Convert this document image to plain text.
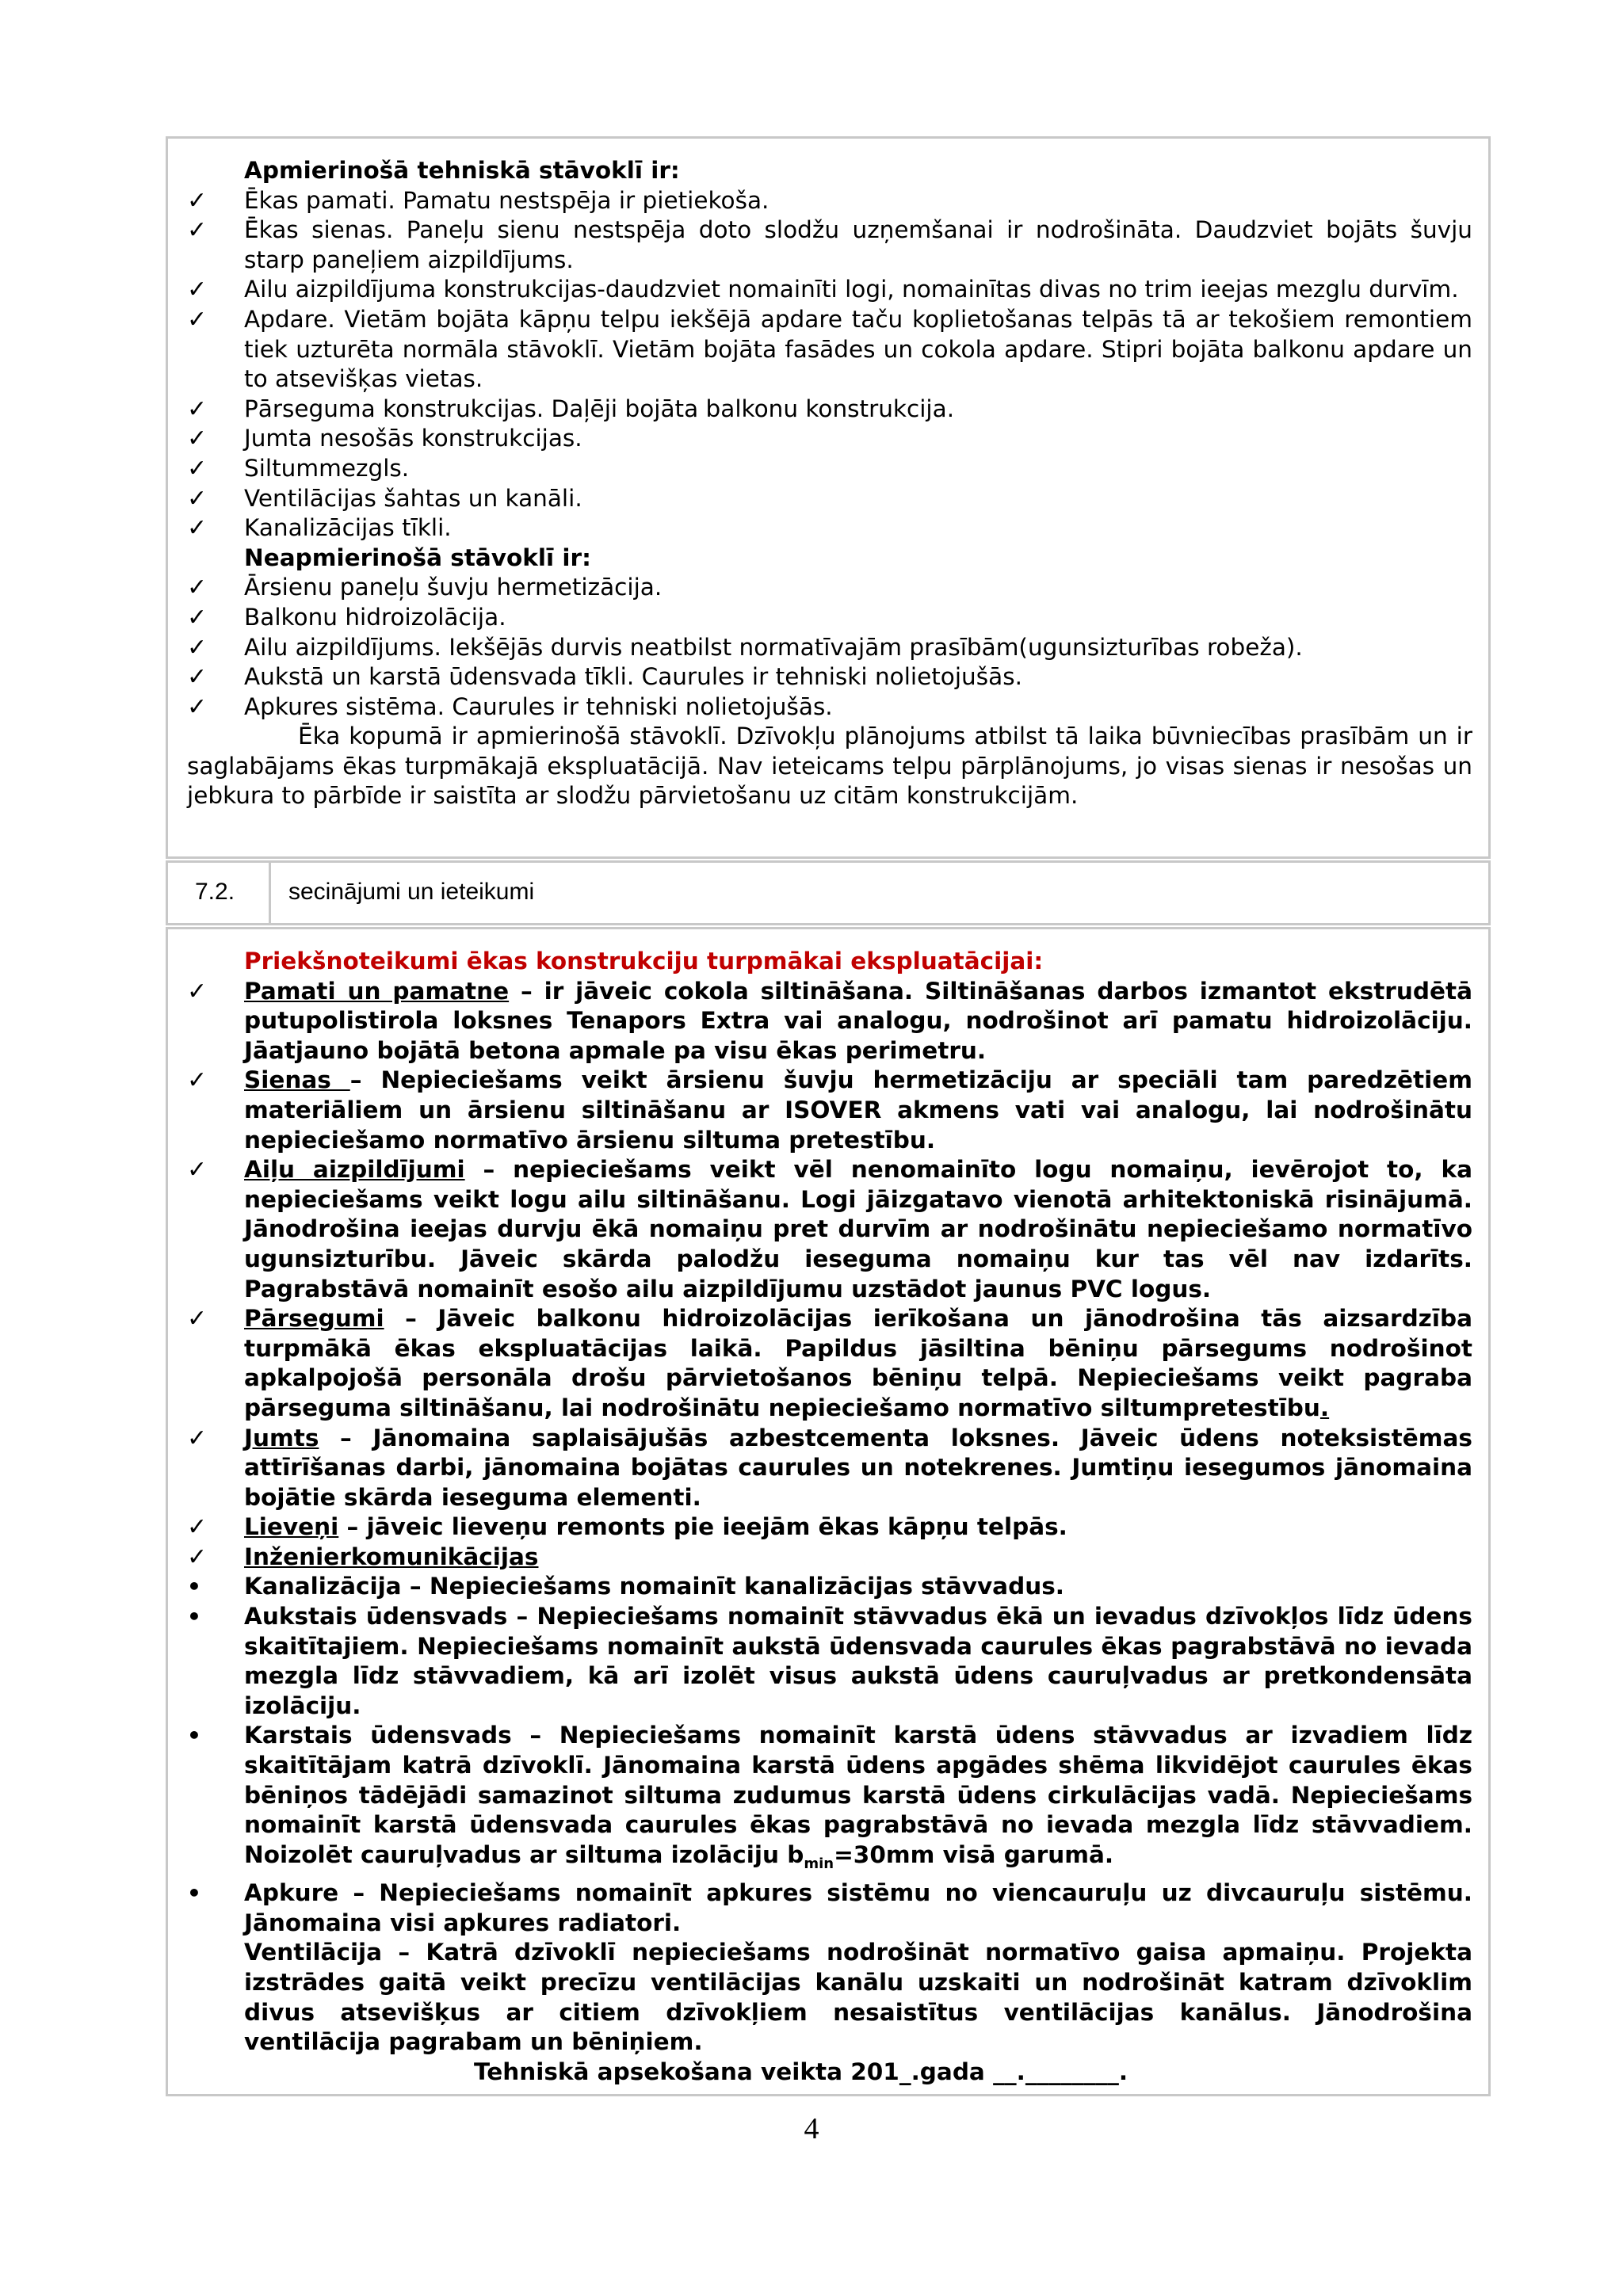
Apmierinošā tehniskā stāvoklī ir:
✓	Ēkas pamati. Pamatu nestspēja ir pietiekoša.
✓	Ēkas sienas. Paneļu sienu nestspēja doto slodžu uzņemšanai ir nodrošināta. Daudzviet bojāts šuvju starp paneļiem aizpildījums.
✓	Ailu aizpildījuma konstrukcijas-daudzviet nomainīti logi, nomainītas divas no trim ieejas mezglu durvīm.
✓	Apdare. Vietām bojāta kāpņu telpu iekšējā apdare taču koplietošanas telpās tā ar tekošiem remontiem tiek uzturēta normāla stāvoklī. Vietām bojāta fasādes un cokola apdare. Stipri bojāta balkonu apdare un to atsevišķas vietas.
✓	Pārseguma konstrukcijas. Daļēji bojāta balkonu konstrukcija.
✓	Jumta nesošās konstrukcijas.
✓	Siltummezgls.
✓	Ventilācijas šahtas un kanāli.
✓	Kanalizācijas tīkli.
Neapmierinošā stāvoklī ir:
✓	Ārsienu paneļu šuvju hermetizācija.
✓	Balkonu hidroizolācija.
✓	Ailu aizpildījums. Iekšējās durvis neatbilst normatīvajām prasībām(ugunsizturības robeža).
✓	Aukstā un karstā ūdensvada tīkli. Caurules ir tehniski nolietojušās.
✓	Apkures sistēma. Caurules ir tehniski nolietojušās.
Ēka kopumā ir apmierinošā stāvoklī. Dzīvokļu plānojums atbilst tā laika būvniecības prasībām un ir saglabājams ēkas turpmākajā ekspluatācijā. Nav ieteicams telpu pārplānojums, jo visas sienas ir nesošas un jebkura to pārbīde ir saistīta ar slodžu pārvietošanu uz citām konstrukcijām.
7.2. secinājumi un ieteikumi
Priekšnoteikumi ēkas konstrukciju turpmākai ekspluatācijai:
✓	Pamati un pamatne – ir jāveic cokola siltināšana. Siltināšanas darbos izmantot ekstrudētā putupolistirola loksnes Tenapors Extra vai analogu, nodrošinot arī pamatu hidroizolāciju. Jāatjauno bojātā betona apmale pa visu ēkas perimetru.
✓	Sienas – Nepieciešams veikt ārsienu šuvju hermetizāciju ar speciāli tam paredzētiem materiāliem un ārsienu siltināšanu ar ISOVER akmens vati vai analogu, lai nodrošinātu nepieciešamo normatīvo ārsienu siltuma pretestību.
✓	Aiļu aizpildījumi – nepieciešams veikt vēl nenomainīto logu nomaiņu, ievērojot to, ka nepieciešams veikt logu ailu siltināšanu. Logi jāizgatavo vienotā arhitektoniskā risinājumā. Jānodrošina ieejas durvju ēkā nomaiņu pret durvīm ar nodrošinātu nepieciešamo normatīvo ugunsizturību. Jāveic skārda palodžu ieseguma nomaiņu kur tas vēl nav izdarīts. Pagrabstāvā nomainīt esošo ailu aizpildījumu uzstādot jaunus PVC logus.
✓	Pārsegumi – Jāveic balkonu hidroizolācijas ierīkošana un jānodrošina tās aizsardzība turpmākā ēkas ekspluatācijas laikā. Papildus jāsiltina bēniņu pārsegums nodrošinot apkalpojošā personāla drošu pārvietošanos bēniņu telpā. Nepieciešams veikt pagraba pārseguma siltināšanu, lai nodrošinātu nepieciešamo normatīvo siltumpretestību.
✓	Jumts – Jānomaina saplaisājušās azbestcementa loksnes. Jāveic ūdens noteksistēmas attīrīšanas darbi, jānomaina bojātas caurules un notekrenes. Jumtiņu iesegumos jānomaina bojātie skārda ieseguma elementi.
✓	Lieveņi – jāveic lieveņu remonts pie ieejām ēkas kāpņu telpās.
✓	Inženierkomunikācijas
•	Kanalizācija – Nepieciešams nomainīt kanalizācijas stāvvadus.
•	Aukstais ūdensvads – Nepieciešams nomainīt stāvvadus ēkā un ievadus dzīvokļos līdz ūdens skaitītajiem. Nepieciešams nomainīt aukstā ūdensvada caurules ēkas pagrabstāvā no ievada mezgla līdz stāvvadiem, kā arī izolēt visus aukstā ūdens cauruļvadus ar pretkondensāta izolāciju.
•	Karstais ūdensvads – Nepieciešams nomainīt karstā ūdens stāvvadus ar izvadiem līdz skaitītājam katrā dzīvoklī. Jānomaina karstā ūdens apgādes shēma likvidējot caurules ēkas bēniņos tādējādi samazinot siltuma zudumus karstā ūdens cirkulācijas vadā. Nepieciešams nomainīt karstā ūdensvada caurules ēkas pagrabstāvā no ievada mezgla līdz stāvvadiem. Noizolēt cauruļvadus ar siltuma izolāciju $b_{min}=30mm$ visā garumā.
•	Apkure – Nepieciešams nomainīt apkures sistēmu no viencauruļu uz divcauruļu sistēmu. Jānomaina visi apkures radiatori.
Ventilācija – Katrā dzīvoklī nepieciešams nodrošināt normatīvo gaisa apmaiņu. Projekta izstrādes gaitā veikt precīzu ventilācijas kanālu uzskaiti un nodrošināt katram dzīvoklim divus atsevišķus ar citiem dzīvokļiem nesaistītus ventilācijas kanālus. Jānodrošina ventilācija pagrabam un bēniņiem.
Tehniskā apsekošana veikta 201_.gada __.________.
4
